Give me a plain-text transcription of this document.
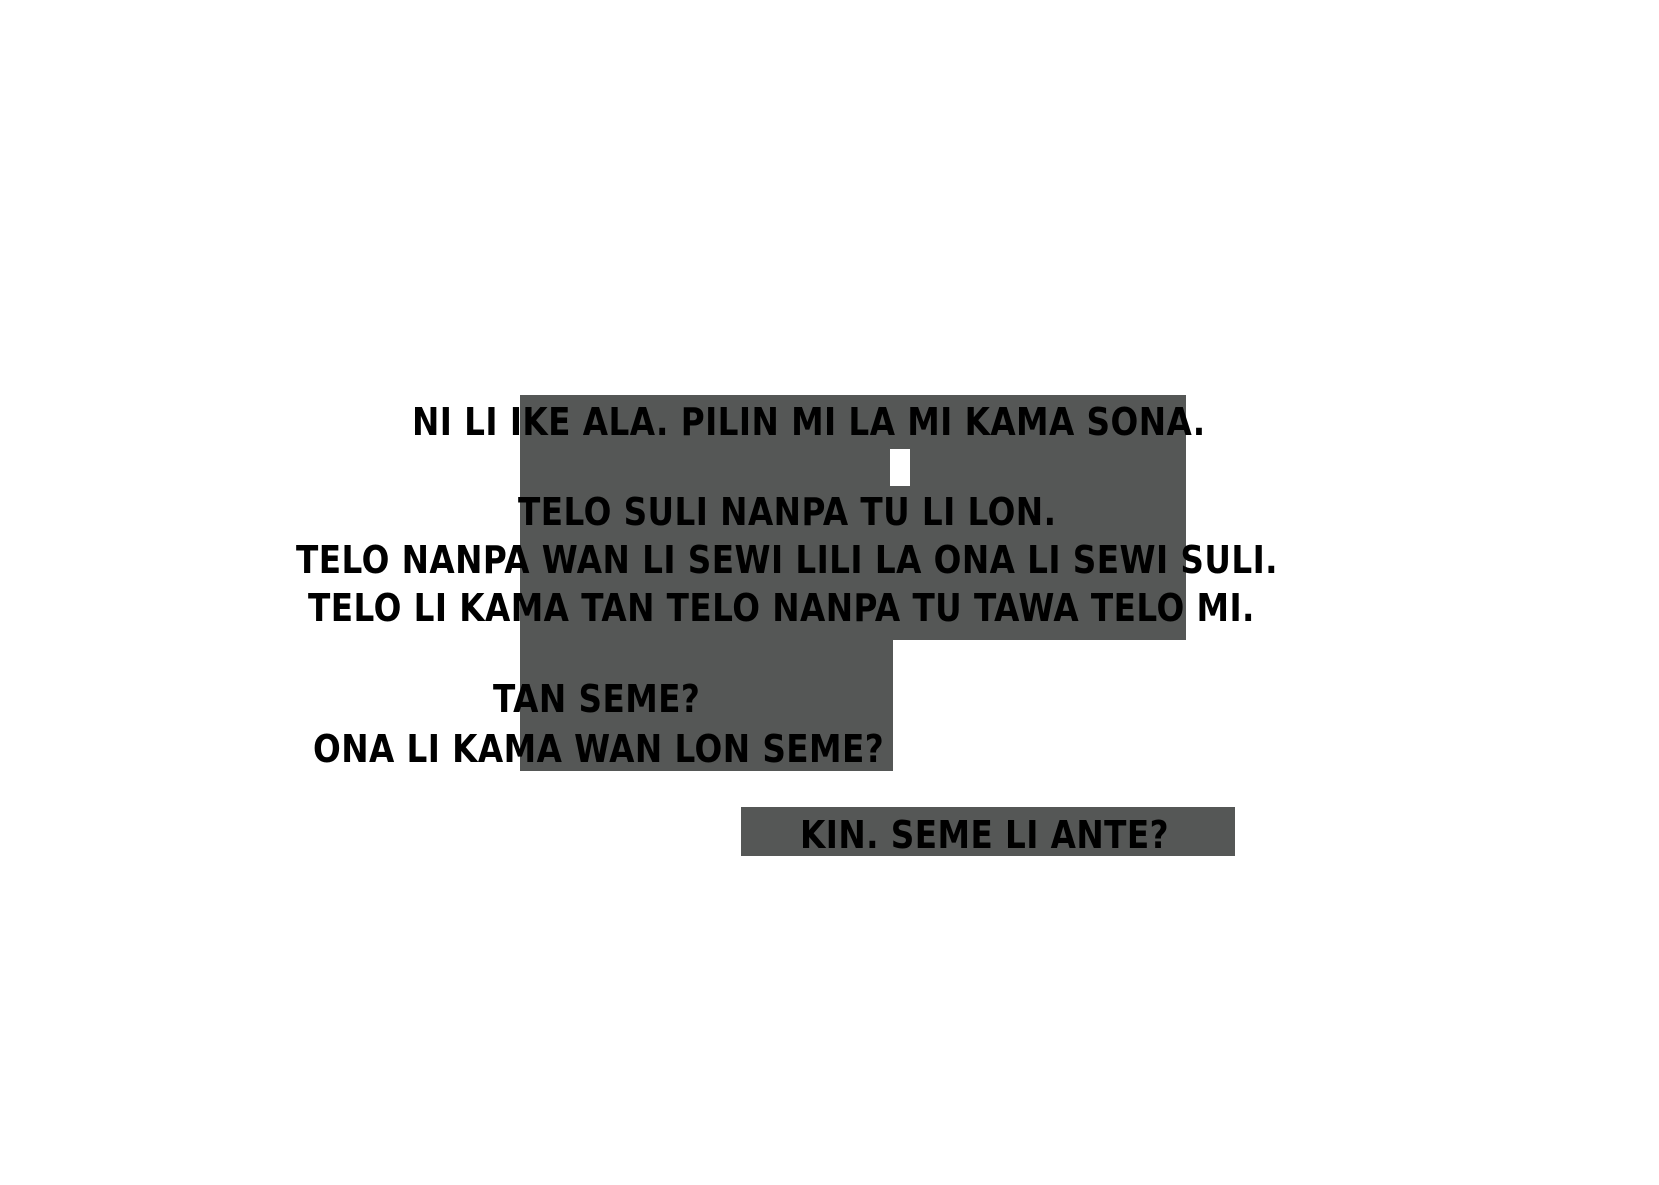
NI LI IKE ALA. PILIN MI LA MI KAMA SONA.

TELO SULI NANPA TU LI LON.

TELO NANPA WAN LI SEWI LILI LA ONA LI SEWI SULI.

TELO LI KAMA TAN TELO NANPA TU TAWA TELO MI.

TAN SEME?

ONA LI KAMA WAN LON SEME?

KIN. SEME LI ANTE?
